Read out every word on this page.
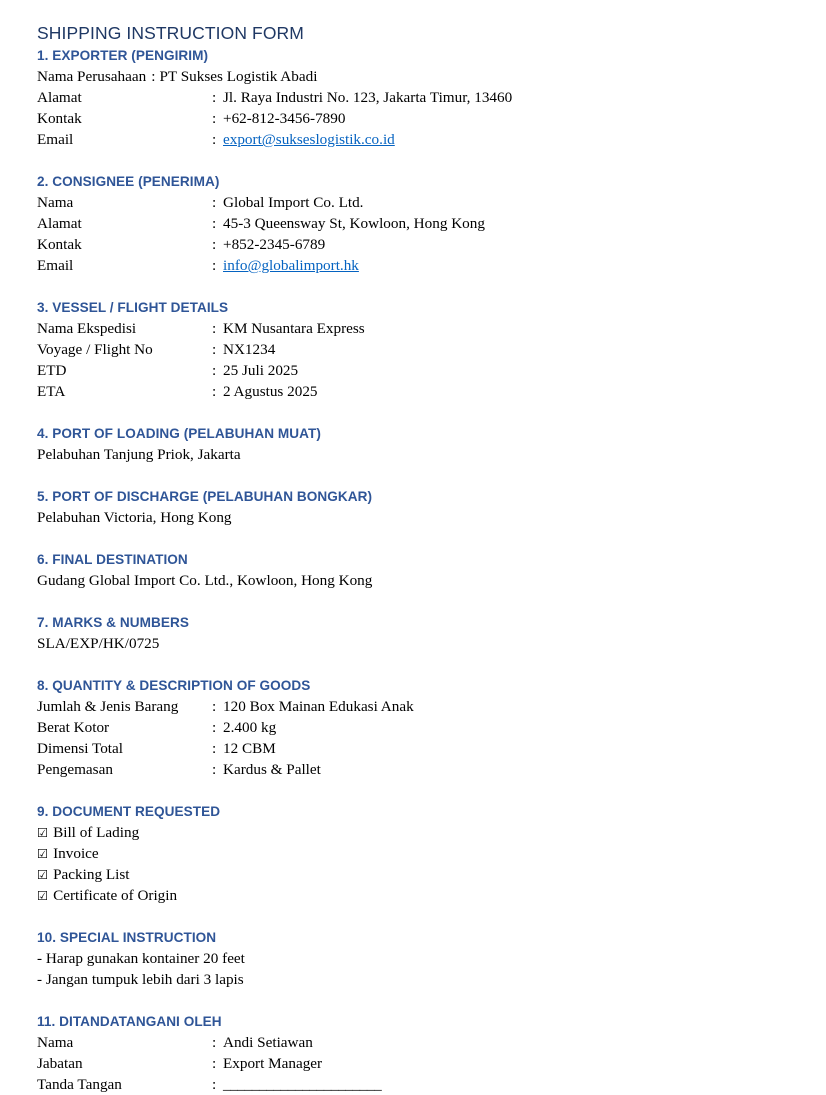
SHIPPING INSTRUCTION FORM
1. EXPORTER (PENGIRIM)
Nama Perusahaan : PT Sukses Logistik Abadi
Alamat	: Jl. Raya Industri No. 123, Jakarta Timur, 13460
Kontak	: +62-812-3456-7890
Email	: export@sukseslogistik.co.id
2. CONSIGNEE (PENERIMA)
Nama	: Global Import Co. Ltd.
Alamat	: 45-3 Queensway St, Kowloon, Hong Kong
Kontak	: +852-2345-6789
Email	: info@globalimport.hk
3. VESSEL / FLIGHT DETAILS
Nama Ekspedisi	: KM Nusantara Express
Voyage / Flight No	: NX1234
ETD	: 25 Juli 2025
ETA	: 2 Agustus 2025
4. PORT OF LOADING (PELABUHAN MUAT)
Pelabuhan Tanjung Priok, Jakarta
5. PORT OF DISCHARGE (PELABUHAN BONGKAR)
Pelabuhan Victoria, Hong Kong
6. FINAL DESTINATION
Gudang Global Import Co. Ltd., Kowloon, Hong Kong
7. MARKS & NUMBERS
SLA/EXP/HK/0725
8. QUANTITY & DESCRIPTION OF GOODS
Jumlah & Jenis Barang	: 120 Box Mainan Edukasi Anak
Berat Kotor	: 2.400 kg
Dimensi Total	: 12 CBM
Pengemasan	: Kardus & Pallet
9. DOCUMENT REQUESTED
☑ Bill of Lading
☑ Invoice
☑ Packing List
☑ Certificate of Origin
10. SPECIAL INSTRUCTION
- Harap gunakan kontainer 20 feet
- Jangan tumpuk lebih dari 3 lapis
11. DITANDATANGANI OLEH
Nama	: Andi Setiawan
Jabatan	: Export Manager
Tanda Tangan	: ______________________
